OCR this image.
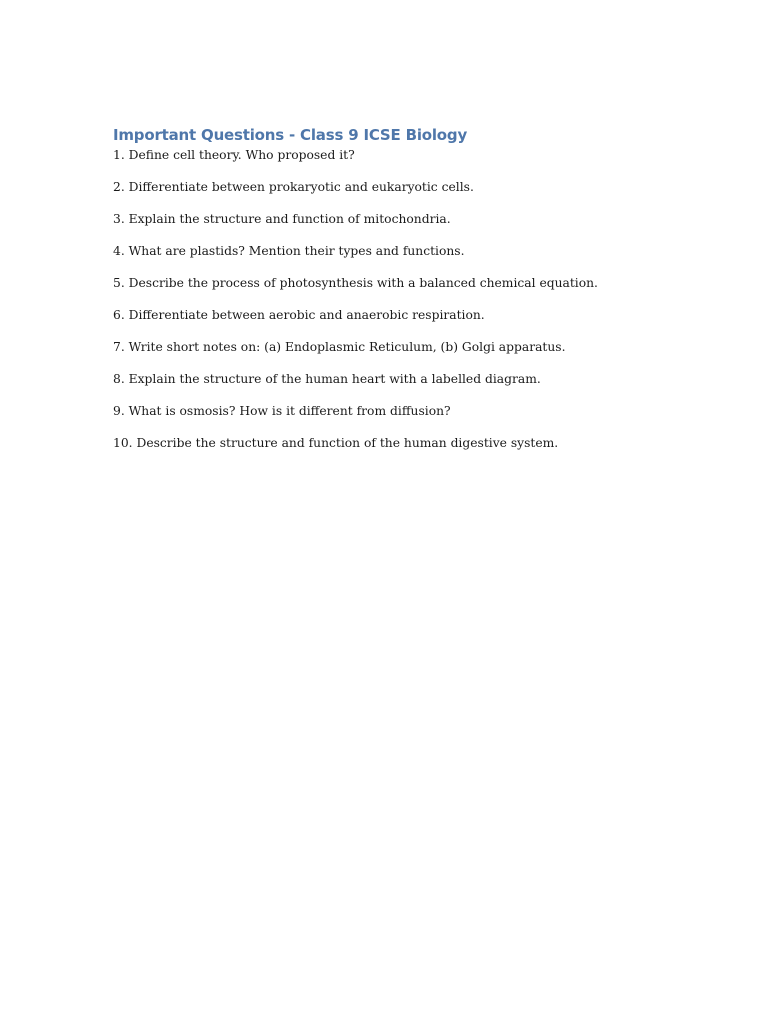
Important Questions - Class 9 ICSE Biology
1. Define cell theory. Who proposed it?
2. Differentiate between prokaryotic and eukaryotic cells.
3. Explain the structure and function of mitochondria.
4. What are plastids? Mention their types and functions.
5. Describe the process of photosynthesis with a balanced chemical equation.
6. Differentiate between aerobic and anaerobic respiration.
7. Write short notes on: (a) Endoplasmic Reticulum, (b) Golgi apparatus.
8. Explain the structure of the human heart with a labelled diagram.
9. What is osmosis? How is it different from diffusion?
10. Describe the structure and function of the human digestive system.
